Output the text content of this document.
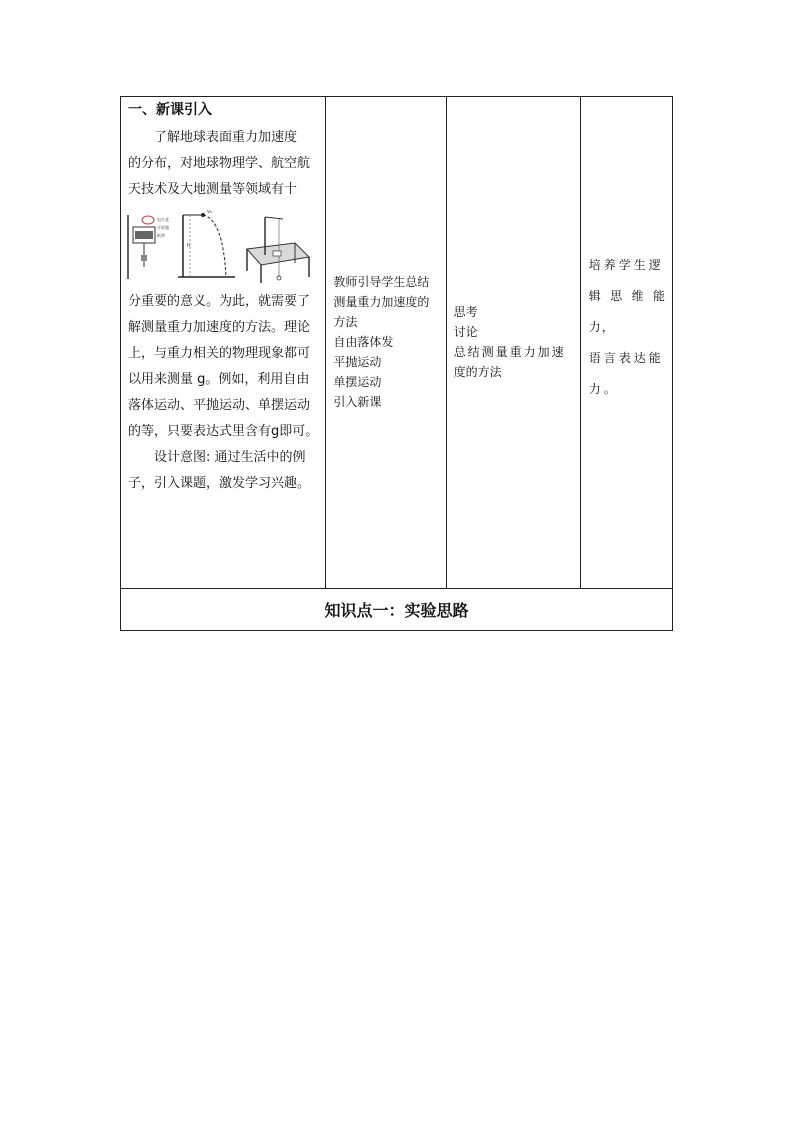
一、新课引入
了解地球表面重力加速度
的分布，对地球物理学、航空航
天技术及大地测量等领域有十
电火花
计时器
纸带
v₀
h
分重要的意义。为此，就需要了
解测量重力加速度的方法。理论
上，与重力相关的物理现象都可
以用来测量 g。例如，利用自由
落体运动、平抛运动、单摆运动
的等，只要表达式里含有g即可。
设计意图: 通过生活中的例
子，引入课题，激发学习兴趣。

教师引导学生总结
测量重力加速度的
方法
自由落体发
平抛运动
单摆运动
引入新课

思考
讨论
总结测量重力加速
度的方法

培养学生逻
辑思维能力，
语言表达能
力。

知识点一：实验思路
